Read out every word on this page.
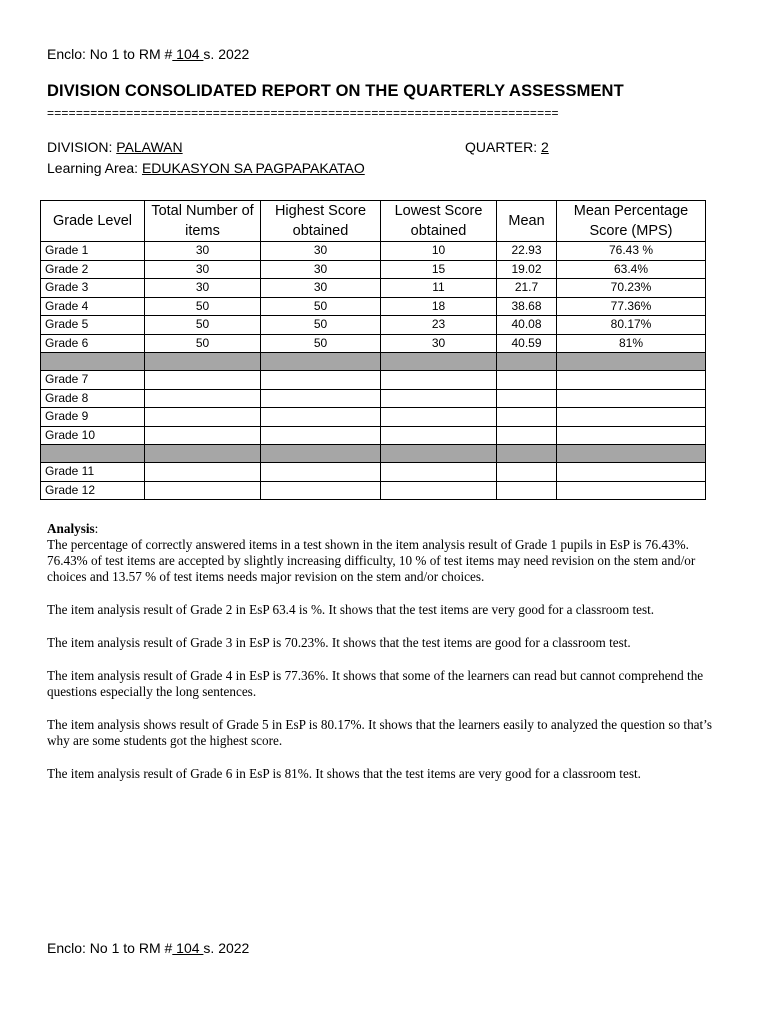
Enclo: No 1 to RM # 104 s. 2022
DIVISION CONSOLIDATED REPORT ON THE QUARTERLY ASSESSMENT
=======================================================================
DIVISION: PALAWAN	QUARTER: 2
Learning Area: EDUKASYON SA PAGPAPAKATAO
Grade Level	Total Number of items	Highest Score obtained	Lowest Score obtained	Mean	Mean Percentage Score (MPS)
Grade 1	30	30	10	22.93	76.43 %
Grade 2	30	30	15	19.02	63.4%
Grade 3	30	30	11	21.7	70.23%
Grade 4	50	50	18	38.68	77.36%
Grade 5	50	50	23	40.08	80.17%
Grade 6	50	50	30	40.59	81%

Grade 7					
Grade 8					
Grade 9					
Grade 10					

Grade 11					
Grade 12					

Analysis:

The percentage of correctly answered items in a test shown in the item analysis result of Grade 1 pupils in EsP is 76.43%. 76.43% of test items are accepted by slightly increasing difficulty, 10 % of test items may need revision on the stem and/or choices and 13.57 % of test items needs major revision on the stem and/or choices.

The item analysis result of Grade 2 in EsP 63.4 is %. It shows that the test items are very good for a classroom test.

The item analysis result of Grade 3 in EsP is 70.23%. It shows that the test items are good for a classroom test.

The item analysis result of Grade 4 in EsP is 77.36%. It shows that some of the learners can read but cannot comprehend the questions especially the long sentences.

The item analysis shows result of Grade 5 in EsP is 80.17%. It shows that the learners easily to analyzed the question so that’s why are some students got the highest score.

The item analysis result of Grade 6 in EsP is 81%. It shows that the test items are very good for a classroom test.

Enclo: No 1 to RM # 104 s. 2022
